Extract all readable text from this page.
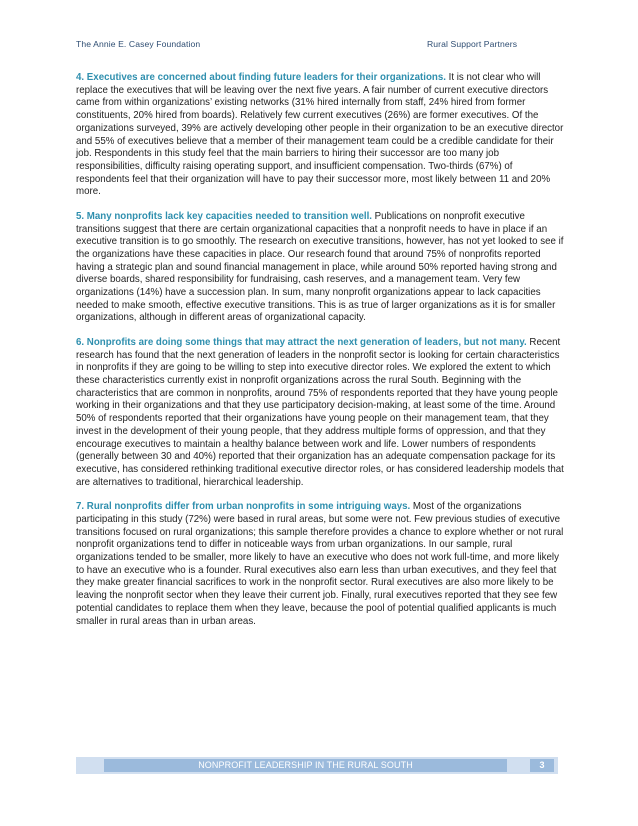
The Annie E. Casey Foundation	Rural Support Partners

4. Executives are concerned about finding future leaders for their organizations. It is not clear who will replace the executives that will be leaving over the next five years. A fair number of current executive directors came from within organizations’ existing networks (31% hired internally from staff, 24% hired from former constituents, 20% hired from boards). Relatively few current executives (26%) are former executives. Of the organizations surveyed, 39% are actively developing other people in their organization to be an executive director and 55% of executives believe that a member of their management team could be a credible candidate for their job. Respondents in this study feel that the main barriers to hiring their successor are too many job responsibilities, difficulty raising operating support, and insufficient compensation. Two-thirds (67%) of respondents feel that their organization will have to pay their successor more, most likely between 11 and 20% more.

5. Many nonprofits lack key capacities needed to transition well. Publications on nonprofit executive transitions suggest that there are certain organizational capacities that a nonprofit needs to have in place if an executive transition is to go smoothly. The research on executive transitions, however, has not yet looked to see if the organizations have these capacities in place. Our research found that around 75% of nonprofits reported having a strategic plan and sound financial management in place, while around 50% reported having strong and diverse boards, shared responsibility for fundraising, cash reserves, and a management team. Very few organizations (14%) have a succession plan. In sum, many nonprofit organizations appear to lack capacities needed to make smooth, effective executive transitions. This is as true of larger organizations as it is for smaller organizations, although in different areas of organizational capacity.

6. Nonprofits are doing some things that may attract the next generation of leaders, but not many. Recent research has found that the next generation of leaders in the nonprofit sector is looking for certain characteristics in nonprofits if they are going to be willing to step into executive director roles. We explored the extent to which these characteristics currently exist in nonprofit organizations across the rural South. Beginning with the characteristics that are common in nonprofits, around 75% of respondents reported that they have young people working in their organizations and that they use participatory decision-making, at least some of the time. Around 50% of respondents reported that their organizations have young people on their management team, that they invest in the development of their young people, that they address multiple forms of oppression, and that they encourage executives to maintain a healthy balance between work and life. Lower numbers of respondents (generally between 30 and 40%) reported that their organization has an adequate compensation package for its executive, has considered rethinking traditional executive director roles, or has considered leadership models that are alternatives to traditional, hierarchical leadership.

7. Rural nonprofits differ from urban nonprofits in some intriguing ways. Most of the organizations participating in this study (72%) were based in rural areas, but some were not. Few previous studies of executive transitions focused on rural organizations; this sample therefore provides a chance to explore whether or not rural nonprofit organizations tend to differ in noticeable ways from urban organizations. In our sample, rural organizations tended to be smaller, more likely to have an executive who does not work full-time, and more likely to have an executive who is a founder. Rural executives also earn less than urban executives, and they feel that they make greater financial sacrifices to work in the nonprofit sector. Rural executives are also more likely to be leaving the nonprofit sector when they leave their current job. Finally, rural executives reported that they see few potential candidates to replace them when they leave, because the pool of potential qualified applicants is much smaller in rural areas than in urban areas.

NONPROFIT LEADERSHIP IN THE RURAL SOUTH	3
